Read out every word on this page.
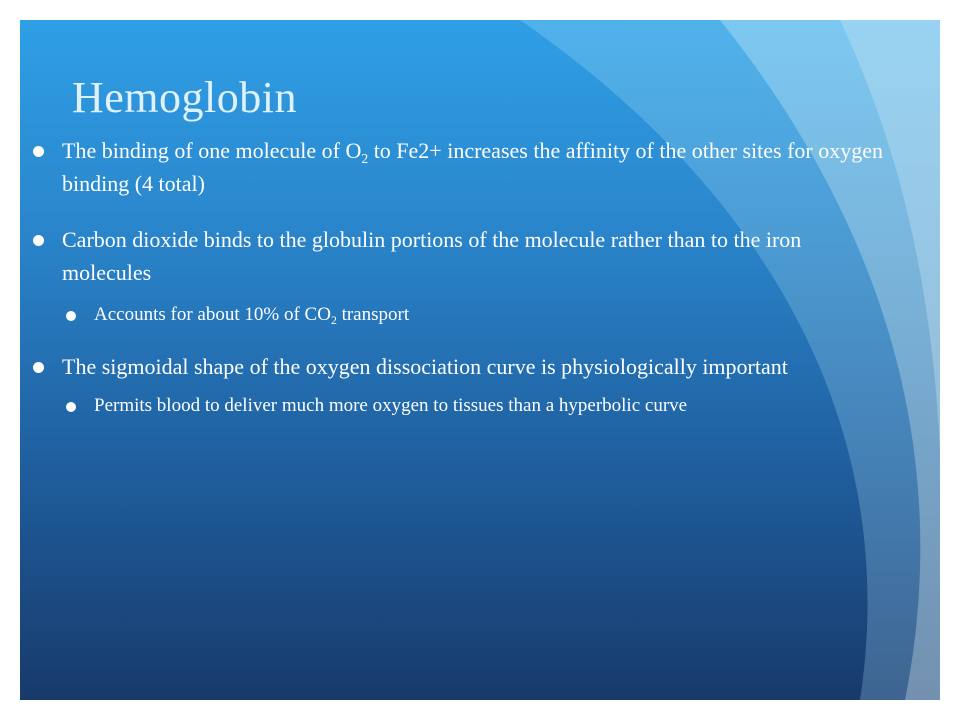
Hemoglobin
The binding of one molecule of $O_2$ to Fe2+ increases the affinity of the other sites for oxygen binding (4 total)
Carbon dioxide binds to the globulin portions of the molecule rather than to the iron molecules
Accounts for about 10% of $CO_2$ transport
The sigmoidal shape of the oxygen dissociation curve is physiologically important
Permits blood to deliver much more oxygen to tissues than a hyperbolic curve
